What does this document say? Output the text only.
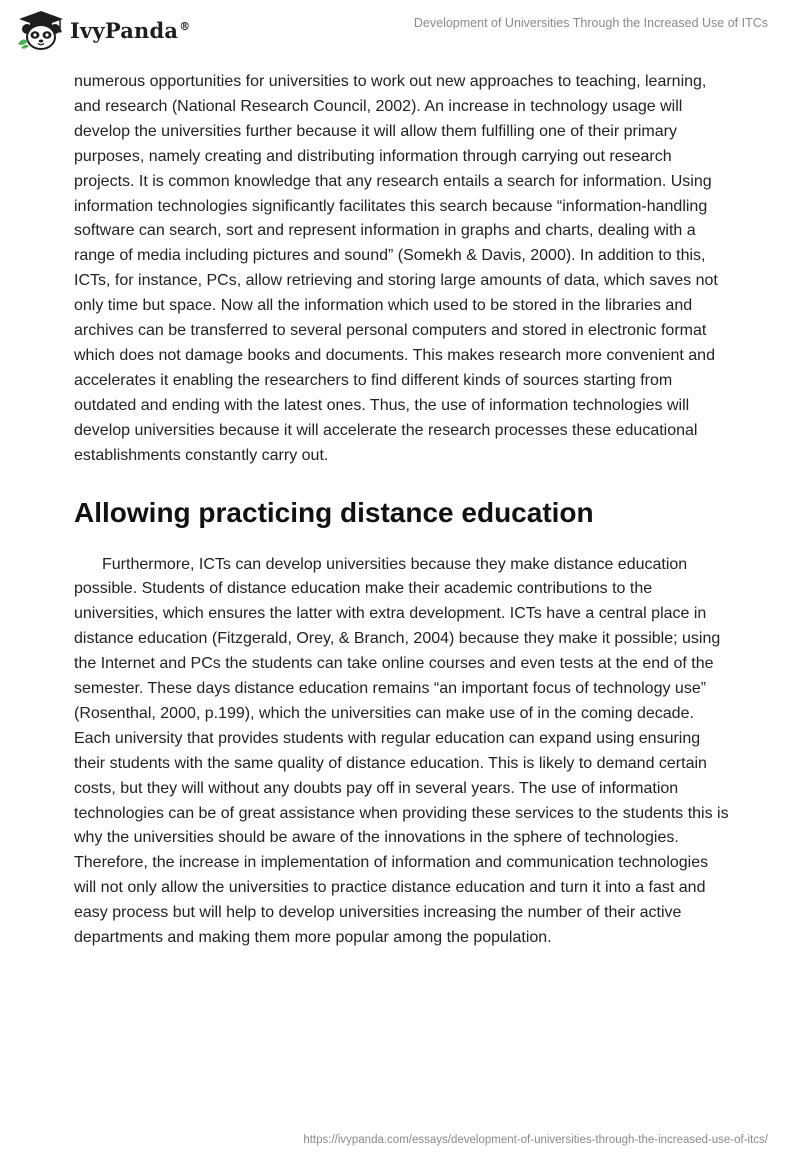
IvyPanda®	Development of Universities Through the Increased Use of ITCs

numerous opportunities for universities to work out new approaches to teaching, learning, and research (National Research Council, 2002). An increase in technology usage will develop the universities further because it will allow them fulfilling one of their primary purposes, namely creating and distributing information through carrying out research projects. It is common knowledge that any research entails a search for information. Using information technologies significantly facilitates this search because “information-handling software can search, sort and represent information in graphs and charts, dealing with a range of media including pictures and sound” (Somekh & Davis, 2000). In addition to this, ICTs, for instance, PCs, allow retrieving and storing large amounts of data, which saves not only time but space. Now all the information which used to be stored in the libraries and archives can be transferred to several personal computers and stored in electronic format which does not damage books and documents. This makes research more convenient and accelerates it enabling the researchers to find different kinds of sources starting from outdated and ending with the latest ones. Thus, the use of information technologies will develop universities because it will accelerate the research processes these educational establishments constantly carry out.

Allowing practicing distance education

Furthermore, ICTs can develop universities because they make distance education possible. Students of distance education make their academic contributions to the universities, which ensures the latter with extra development. ICTs have a central place in distance education (Fitzgerald, Orey, & Branch, 2004) because they make it possible; using the Internet and PCs the students can take online courses and even tests at the end of the semester. These days distance education remains “an important focus of technology use” (Rosenthal, 2000, p.199), which the universities can make use of in the coming decade. Each university that provides students with regular education can expand using ensuring their students with the same quality of distance education. This is likely to demand certain costs, but they will without any doubts pay off in several years. The use of information technologies can be of great assistance when providing these services to the students this is why the universities should be aware of the innovations in the sphere of technologies. Therefore, the increase in implementation of information and communication technologies will not only allow the universities to practice distance education and turn it into a fast and easy process but will help to develop universities increasing the number of their active departments and making them more popular among the population.

https://ivypanda.com/essays/development-of-universities-through-the-increased-use-of-itcs/
